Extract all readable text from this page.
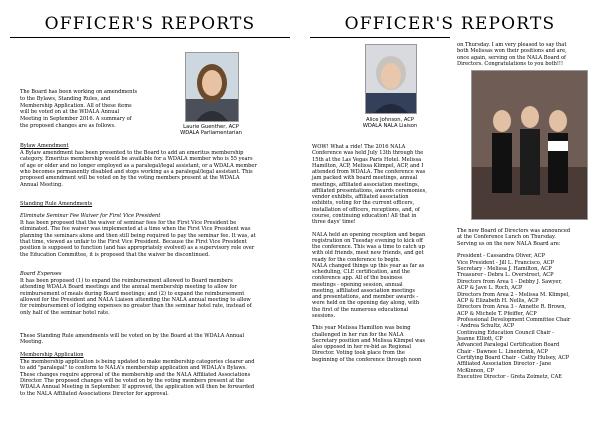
OFFICER'S REPORTS
The Board has been working on amendments
to the Bylaws, Standing Rules, and
Membership Application. All of these items
will be voted on at the WDALA Annual
Meeting in September 2016. A summary of
the proposed changes are as follows.	Laurie Guenther, ACP
WDALA Parliamentarian
Bylaw Amendment
A Bylaw amendment has been presented to the Board to add an emeritus membership
category. Emeritus membership would be available for a WDALA member who is 55 years
of age or older and no longer employed as a paralegal/legal assistant, or a WDALA member
who becomes permanently disabled and stops working as a paralegal/legal assistant. This
proposed amendment will be voted on by the voting members present at the WDALA
Annual Meeting.
Standing Rule Amendments
Eliminate Seminar Fee Waiver for First Vice President
It has been proposed that the waiver of seminar fees for the First Vice President be
eliminated. The fee waiver was implemented at a time when the First Vice President was
planning the seminars alone and then still being required to pay the seminar fee. It was, at
that time, viewed as unfair to the First Vice President. Because the First Vice President
position is supposed to function (and has appropriately evolved) as a supervisory role over
the Education Committee, it is proposed that the waiver be discontinued.
Board Expenses
It has been proposed (1) to expand the reimbursement allowed to Board members
attending WDALA Board meetings and the annual membership meeting to allow for
reimbursement of meals during Board meetings; and (2) to expand the reimbursement
allowed for the President and NALA Liaison attending the NALA annual meeting to allow
for reimbursement of lodging expenses no greater than the seminar hotel rate, instead of
only half of the seminar hotel rate.
These Standing Rule amendments will be voted on by the Board at the WDALA Annual
Meeting.
Membership Application
The membership application is being updated to make membership categories clearer and
to add "paralegal" to conform to NALA's membership application and WDALA's Bylaws.
These changes require approval of the membership and the NALA Affiliated Associations
Director. The proposed changes will be voted on by the voting members present at the
WDALA Annual Meeting in September. If approved, the application will then be forwarded
to the NALA Affiliated Associations Director for approval.
OFFICER'S REPORTS
Alice Johnson, ACP
WDALA NALA Liaison
WOW! What a ride! The 2016 NALA
Conference was held July 13th through the
15th at the Las Vegas Paris Hotel. Melissa
Hamilton, ACP, Melissa Klimpel, ACP, and I
attended from WDALA. The conference was
jam packed with board meetings, annual
meetings, affiliated association meetings,
affiliated presentations, awards ceremonies,
vendor exhibits, affiliated association
exhibits, voting for the current officers,
installation of officers, receptions, and, of
course, continuing education! All that in
three days' time!
NALA held an opening reception and began
registration on Tuesday evening to kick off
the conference. This was a time to catch up
with old friends, meet new friends, and get
ready for the conference to begin.
NALA changed things up this year as far as
scheduling, CLE certification, and the
conference app. All of the business
meetings - opening session, annual
meeting, affiliated association meetings
and presentations, and member awards -
were held on the opening day along, with
the first of the numerous educational
sessions.
This year Melissa Hamilton was being
challenged in her run for the NALA
Secretary position and Melissa Klimpel was
also opposed in her re-bid as Regional
Director. Voting took place from the
beginning of the conference through noon
on Thursday. I am very pleased to say that
both Melissas won their positions and are,
once again, serving on the NALA Board of
Directors. Congratulations to you both!!!
The new Board of Directors was announced
at the Conference Lunch on Thursday.
Serving us on the new NALA Board are:
President - Cassandra Oliver, ACP
Vice President - Jill L. Francisco, ACP
Secretary - Melissa J. Hamilton, ACP
Treasurer - Debra L. Overstreet, ACP
Directors from Area 1 - Debby J. Sawyer,
ACP & Jave L. Roch, ACP
Directors from Area 2 - Melissa M. Klimpel,
ACP & Elizabeth H. Nellis, ACP
Directors from Area 3 - Annette R. Brown,
ACP & Michele T. Pfeiffer, ACP
Professional Development Committee Chair
- Andrea Schultz, ACP
Continuing Education Council Chair -
Jeanne Elliott, CP
Advanced Paralegal Certification Board
Chair - Dawnee L. Linenbrink, ACP
Certifying Board Chair - Cathy Hulsey, ACP
Affiliated Association Director - Jane
McKinnon, CP
Executive Director - Greta Zeimetz, CAE
